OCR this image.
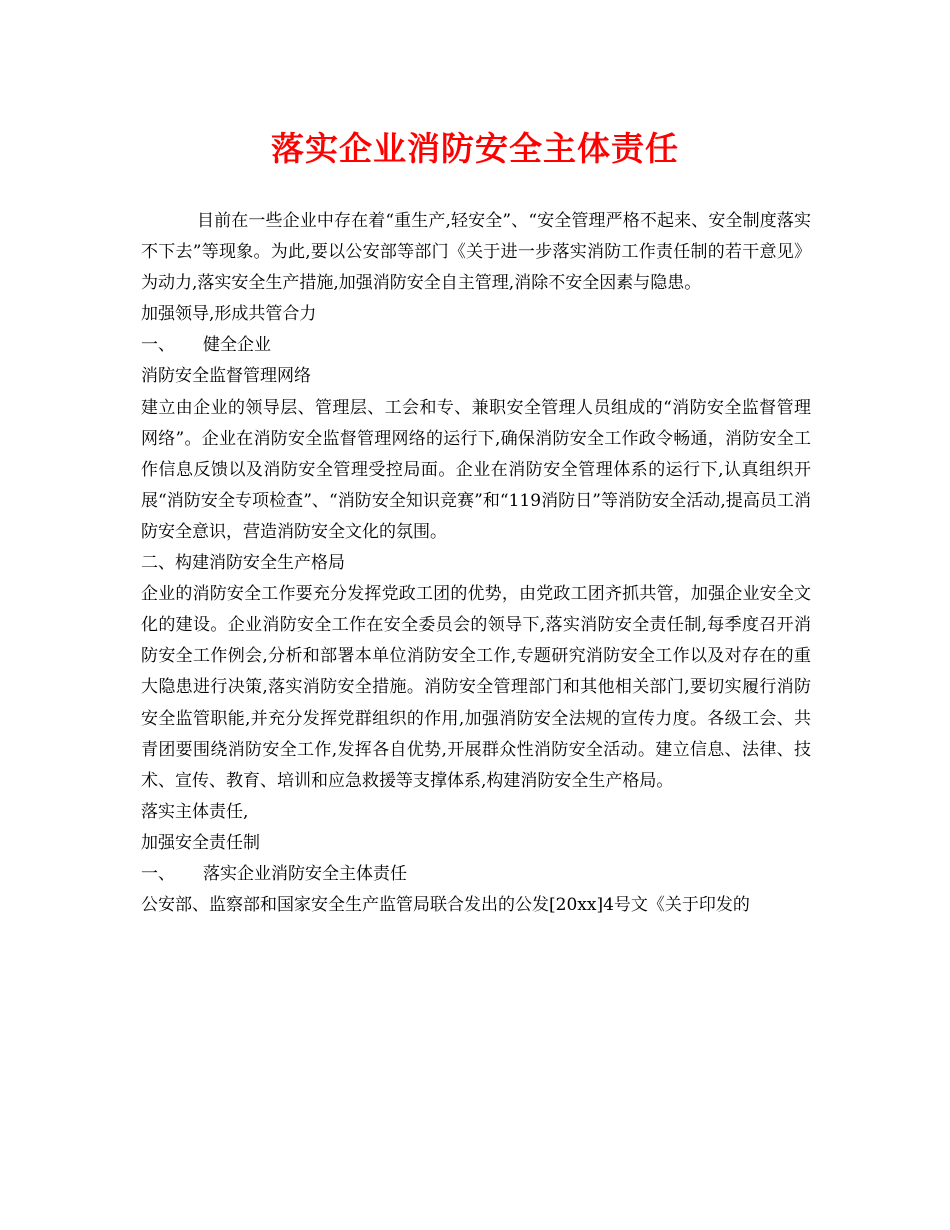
落实企业消防安全主体责任

目前在一些企业中存在着“重生产,轻安全”、“安全管理严格不起来、安全制度落实不下去”等现象。为此,要以公安部等部门《关于进一步落实消防工作责任制的若干意见》为动力,落实安全生产措施,加强消防安全自主管理,消除不安全因素与隐患。

加强领导,形成共管合力

一、 健全企业

消防安全监督管理网络

建立由企业的领导层、管理层、工会和专、兼职安全管理人员组成的“消防安全监督管理网络”。企业在消防安全监督管理网络的运行下,确保消防安全工作政令畅通，消防安全工作信息反馈以及消防安全管理受控局面。企业在消防安全管理体系的运行下,认真组织开展“消防安全专项检查”、“消防安全知识竞赛”和“119消防日”等消防安全活动,提高员工消防安全意识，营造消防安全文化的氛围。

二、构建消防安全生产格局

企业的消防安全工作要充分发挥党政工团的优势，由党政工团齐抓共管，加强企业安全文化的建设。企业消防安全工作在安全委员会的领导下,落实消防安全责任制,每季度召开消防安全工作例会,分析和部署本单位消防安全工作,专题研究消防安全工作以及对存在的重大隐患进行决策,落实消防安全措施。消防安全管理部门和其他相关部门,要切实履行消防安全监管职能,并充分发挥党群组织的作用,加强消防安全法规的宣传力度。各级工会、共青团要围绕消防安全工作,发挥各自优势,开展群众性消防安全活动。建立信息、法律、技术、宣传、教育、培训和应急救援等支撑体系,构建消防安全生产格局。

落实主体责任,

加强安全责任制

一、 落实企业消防安全主体责任

公安部、监察部和国家安全生产监管局联合发出的公发[20xx]4号文《关于印发的
